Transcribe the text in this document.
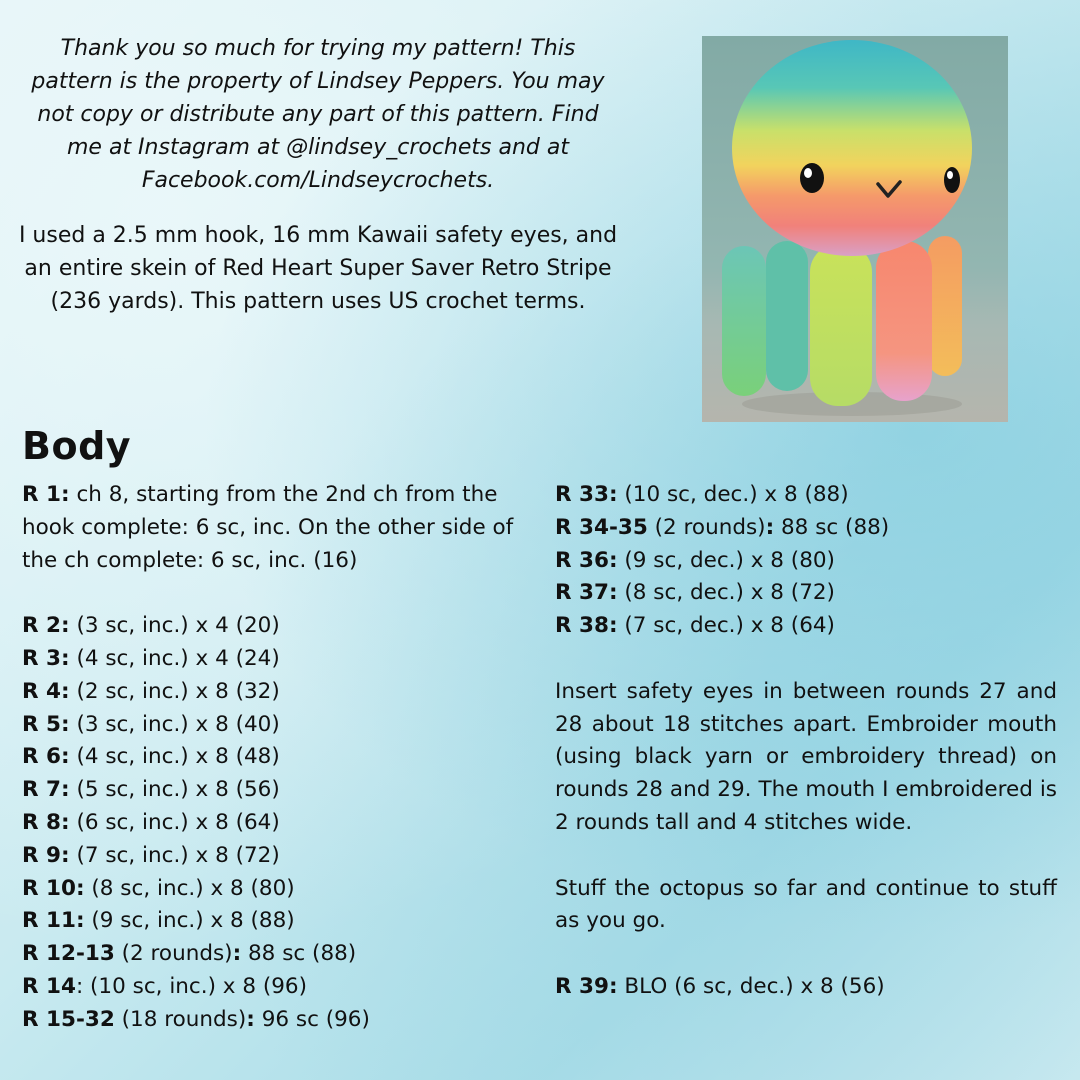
Thank you so much for trying my pattern! This pattern is the property of Lindsey Peppers. You may not copy or distribute any part of this pattern. Find me at Instagram at @lindsey_crochets and at Facebook.com/Lindseycrochets.

I used a 2.5 mm hook, 16 mm Kawaii safety eyes, and an entire skein of Red Heart Super Saver Retro Stripe (236 yards). This pattern uses US crochet terms.

Body
R 1: ch 8, starting from the 2nd ch from the hook complete: 6 sc, inc. On the other side of the ch complete: 6 sc, inc. (16)
R 2: (3 sc, inc.) x 4 (20)
R 3: (4 sc, inc.) x 4 (24)
R 4: (2 sc, inc.) x 8 (32)
R 5: (3 sc, inc.) x 8 (40)
R 6: (4 sc, inc.) x 8 (48)
R 7: (5 sc, inc.) x 8 (56)
R 8: (6 sc, inc.) x 8 (64)
R 9: (7 sc, inc.) x 8 (72)
R 10: (8 sc, inc.) x 8 (80)
R 11: (9 sc, inc.) x 8 (88)
R 12-13 (2 rounds): 88 sc (88)
R 14: (10 sc, inc.) x 8 (96)
R 15-32 (18 rounds): 96 sc (96)
R 33: (10 sc, dec.) x 8 (88)
R 34-35 (2 rounds): 88 sc (88)
R 36: (9 sc, dec.) x 8 (80)
R 37: (8 sc, dec.) x 8 (72)
R 38: (7 sc, dec.) x 8 (64)
Insert safety eyes in between rounds 27 and 28 about 18 stitches apart. Embroider mouth (using black yarn or embroidery thread) on rounds 28 and 29. The mouth I embroidered is 2 rounds tall and 4 stitches wide.
Stuff the octopus so far and continue to stuff as you go.
R 39: BLO (6 sc, dec.) x 8 (56)
